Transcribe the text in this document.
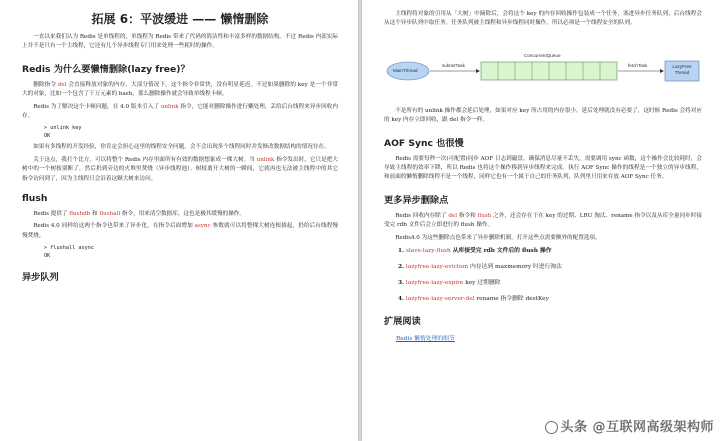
拓展 6：平波缓进 —— 懒惰删除

一直以来我们认为 Redis 是单线程的，单线程为 Redis 带来了代码的简洁性和丰富多样的数据结构。不过 Redis 内部实际上并不是只有一个主线程，它还有几个异步线程专门用来处理一些耗时的操作。

Redis 为什么要懒惰删除(lazy free)？

删除指令 del 会直接释放对象的内存，大部分情况下，这个指令非常快，没有明显延迟。不过如果删除的 key 是一个非常大的对象，比如一个包含了千万元素的 hash，那么删除操作就会导致单线程卡顿。

Redis 为了解决这个卡顿问题，在 4.0 版本引入了 unlink 指令，它能对删除操作进行懒处理，丢给后台线程来异步回收内存。

> unlink key
OK

如果有多线程的开发经验，你肯定会担心这里的线程安全问题，会不会出现多个线程同时并发修改数据结构的情况存在。

关于这点，我打个比方。可以将整个 Redis 内存里面所有有效的数据想象成一棵大树。当 unlink 指令发出时，它只是把大树中的一个树枝别断了，然后扔到旁边的火堆里焚烧（异步线程池）。树枝离开大树的一瞬间，它就再也无法被主线程中的其它指令访问到了，因为主线程只会沿着这颗大树来访问。

flush

Redis 提供了 flushdb 和 flushall 指令，用来清空数据库，这也是极其缓慢的操作。

Redis 4.0 同样给这两个指令也带来了异步化，在指令后面增加 async 参数就可以将整棵大树连根拔起，扔给后台线程慢慢焚烧。

> flushall async
OK
异步队列

主线程将对象的引用从「大树」中摘除后，会将这个 key 的内存回收操作包装成一个任务，塞进异步任务队列，后台线程会从这个异步队列中取任务。任务队列被主线程和异步线程同时操作，所以必须是一个线程安全的队列。

MainThread
submitTask
ConcurrentQueue
fetchTask	LazyFree Thread

不是所有的 unlink 操作都会延后处理，如果对应 key 所占用的内存很小，延后处理就没有必要了，这时候 Redis 会将对应的 key 内存立即回收，跟 del 指令一样。

AOF Sync 也很慢

Redis 需要每秒一次(可配置)同步 AOF 日志到磁盘，确保消息尽量不丢失，需要调用 sync 函数，这个操作会比较耗时，会导致主线程的效率下降，所以 Redis 也将这个操作移到异步线程来完成。执行 AOF Sync 操作的线程是一个独立的异步线程，和前面的懒惰删除线程不是一个线程，同样它也有一个属于自己的任务队列，队列里只用来存放 AOF Sync 任务。

更多异步删除点

Redis 回收内存除了 del 指令和 flush 之外，还会存在于在 key 的过期、LRU 淘汰、rename 指令以及从库全量同步时接受完 rdb 文件后会立即进行的 flush 操作。

Redis4.0 为这些删除点也带来了异步删除机制，打开这些点需要额外的配置选项。

1. slave-lazy-flush 从库接受完 rdb 文件后的 flush 操作
2. lazyfree-lazy-eviction 内存达到 maxmemory 时进行淘汰
3. lazyfree-lazy-expire key 过期删除
4. lazyfree-lazy-server-del rename 指令删除 destKey
扩展阅读
Redis 懒惰处理的细节
头条 @互联网高级架构师
